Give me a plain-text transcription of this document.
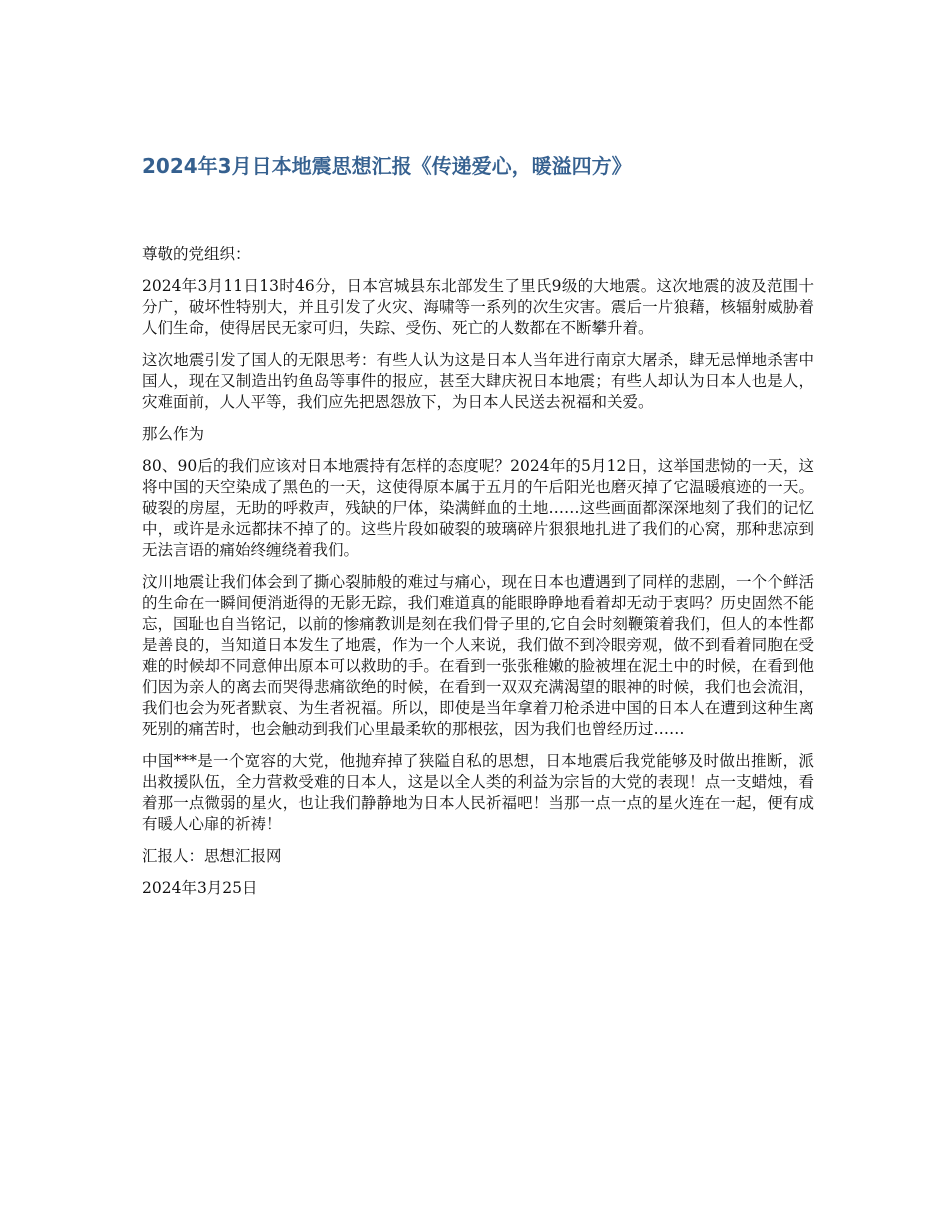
2024年3月日本地震思想汇报《传递爱心，暖溢四方》

尊敬的党组织：

2024年3月11日13时46分，日本宫城县东北部发生了里氏9级的大地震。这次地震的波及范围十分广，破坏性特别大，并且引发了火灾、海啸等一系列的次生灾害。震后一片狼藉，核辐射威胁着人们生命，使得居民无家可归，失踪、受伤、死亡的人数都在不断攀升着。

这次地震引发了国人的无限思考：有些人认为这是日本人当年进行南京大屠杀，肆无忌惮地杀害中国人，现在又制造出钓鱼岛等事件的报应，甚至大肆庆祝日本地震；有些人却认为日本人也是人，灾难面前，人人平等，我们应先把恩怨放下，为日本人民送去祝福和关爱。

那么作为

80、90后的我们应该对日本地震持有怎样的态度呢？2024年的5月12日，这举国悲恸的一天，这将中国的天空染成了黑色的一天，这使得原本属于五月的午后阳光也磨灭掉了它温暖痕迹的一天。破裂的房屋，无助的呼救声，残缺的尸体，染满鲜血的土地……这些画面都深深地刻了我们的记忆中，或许是永远都抹不掉了的。这些片段如破裂的玻璃碎片狠狠地扎进了我们的心窝，那种悲凉到无法言语的痛始终缠绕着我们。

汶川地震让我们体会到了撕心裂肺般的难过与痛心，现在日本也遭遇到了同样的悲剧，一个个鲜活的生命在一瞬间便消逝得的无影无踪，我们难道真的能眼睁睁地看着却无动于衷吗？历史固然不能忘，国耻也自当铭记，以前的惨痛教训是刻在我们骨子里的,它自会时刻鞭策着我们，但人的本性都是善良的，当知道日本发生了地震，作为一个人来说，我们做不到冷眼旁观，做不到看着同胞在受难的时候却不同意伸出原本可以救助的手。在看到一张张稚嫩的脸被埋在泥土中的时候，在看到他们因为亲人的离去而哭得悲痛欲绝的时候，在看到一双双充满渴望的眼神的时候，我们也会流泪，我们也会为死者默哀、为生者祝福。所以，即使是当年拿着刀枪杀进中国的日本人在遭到这种生离死别的痛苦时，也会触动到我们心里最柔软的那根弦，因为我们也曾经历过……

中国***是一个宽容的大党，他抛弃掉了狭隘自私的思想，日本地震后我党能够及时做出推断，派出救援队伍，全力营救受难的日本人，这是以全人类的利益为宗旨的大党的表现！点一支蜡烛，看着那一点微弱的星火，也让我们静静地为日本人民祈福吧！当那一点一点的星火连在一起，便有成有暖人心扉的祈祷！

汇报人：思想汇报网

2024年3月25日
